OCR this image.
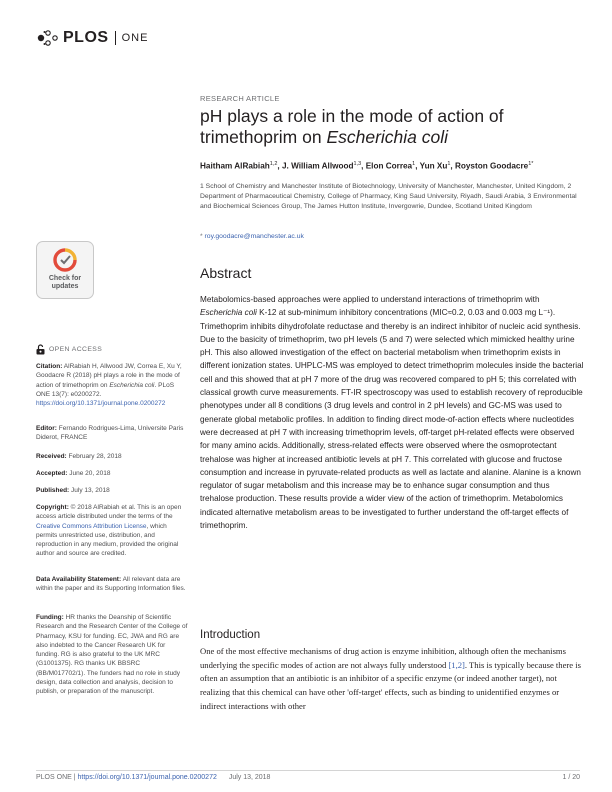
PLOS ONE
RESEARCH ARTICLE
pH plays a role in the mode of action of trimethoprim on Escherichia coli
Haitham AlRabiah$^{1,2}$, J. William Allwood$^{1,3}$, Elon Correa$^1$, Yun Xu$^1$, Royston Goodacre$^{1*}$
1 School of Chemistry and Manchester Institute of Biotechnology, University of Manchester, Manchester, United Kingdom, 2 Department of Pharmaceutical Chemistry, College of Pharmacy, King Saud University, Riyadh, Saudi Arabia, 3 Environmental and Biochemical Sciences Group, The James Hutton Institute, Invergowrie, Dundee, Scotland United Kingdom
* roy.goodacre@manchester.ac.uk
Check for
updates
OPEN ACCESS
Citation: AlRabiah H, Allwood JW, Correa E, Xu Y, Goodacre R (2018) pH plays a role in the mode of action of trimethoprim on Escherichia coli. PLoS ONE 13(7): e0200272. https://doi.org/10.1371/journal.pone.0200272
Editor: Fernando Rodrigues-Lima, Universite Paris Diderot, FRANCE
Received: February 28, 2018
Accepted: June 20, 2018
Published: July 13, 2018
Copyright: © 2018 AlRabiah et al. This is an open access article distributed under the terms of the Creative Commons Attribution License, which permits unrestricted use, distribution, and reproduction in any medium, provided the original author and source are credited.
Data Availability Statement: All relevant data are within the paper and its Supporting Information files.
Funding: HR thanks the Deanship of Scientific Research and the Research Center of the College of Pharmacy, KSU for funding. EC, JWA and RG are also indebted to the Cancer Research UK for funding. RG is also grateful to the UK MRC (G1001375). RG thanks UK BBSRC (BB/M017702/1). The funders had no role in study design, data collection and analysis, decision to publish, or preparation of the manuscript.
Abstract
Metabolomics-based approaches were applied to understand interactions of trimethoprim with Escherichia coli K-12 at sub-minimum inhibitory concentrations (MIC≈0.2, 0.03 and 0.003 mg L⁻¹). Trimethoprim inhibits dihydrofolate reductase and thereby is an indirect inhibitor of nucleic acid synthesis. Due to the basicity of trimethoprim, two pH levels (5 and 7) were selected which mimicked healthy urine pH. This also allowed investigation of the effect on bacterial metabolism when trimethoprim exists in different ionization states. UHPLC-MS was employed to detect trimethoprim molecules inside the bacterial cell and this showed that at pH 7 more of the drug was recovered compared to pH 5; this correlated with classical growth curve measurements. FT-IR spectroscopy was used to establish recovery of reproducible phenotypes under all 8 conditions (3 drug levels and control in 2 pH levels) and GC-MS was used to generate global metabolic profiles. In addition to finding direct mode-of-action effects where nucleotides were decreased at pH 7 with increasing trimethoprim levels, off-target pH-related effects were observed for many amino acids. Additionally, stress-related effects were observed where the osmoprotectant trehalose was higher at increased antibiotic levels at pH 7. This correlated with glucose and fructose consumption and increase in pyruvate-related products as well as lactate and alanine. Alanine is a known regulator of sugar metabolism and this increase may be to enhance sugar consumption and thus trehalose production. These results provide a wider view of the action of trimethoprim. Metabolomics indicated alternative metabolism areas to be investigated to further understand the off-target effects of trimethoprim.
Introduction
One of the most effective mechanisms of drug action is enzyme inhibition, although often the mechanisms underlying the specific modes of action are not always fully understood [1,2]. This is typically because there is often an assumption that an antibiotic is an inhibitor of a specific enzyme (or indeed another target), not realizing that this chemical can have other 'off-target' effects, such as binding to unidentified enzymes or indirect interactions with other
PLOS ONE | https://doi.org/10.1371/journal.pone.0200272 July 13, 2018	1 / 20
